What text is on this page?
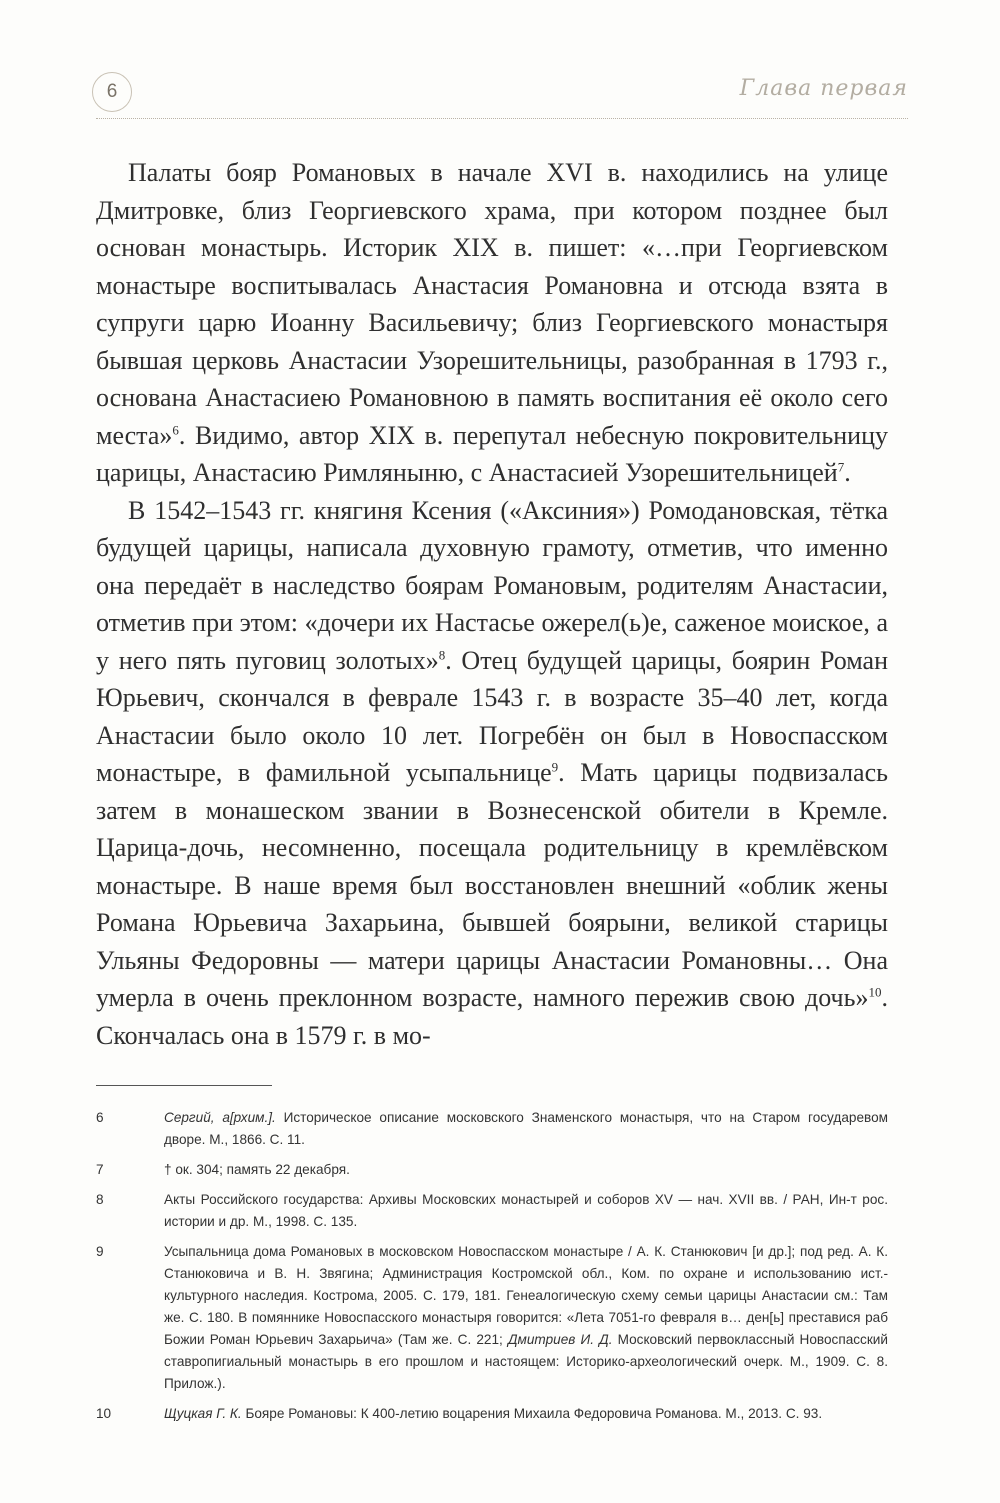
6	Глава первая

Палаты бояр Романовых в начале XVI в. находились на улице Дмитровке, близ Георгиевского храма, при котором позднее был основан монастырь. Историк XIX в. пишет: «…при Георгиевском монастыре воспитывалась Анастасия Романовна и отсюда взята в супруги царю Иоанну Васильевичу; близ Георгиевского монастыря бывшая церковь Анастасии Узорешительницы, разобранная в 1793 г., основана Анастасиею Романовною в память воспитания её около сего места»$^6$. Видимо, автор XIX в. перепутал небесную покровительницу царицы, Анастасию Римляныню, с Анастасией Узорешительницей$^7$.

В 1542–1543 гг. княгиня Ксения («Аксиния») Ромодановская, тётка будущей царицы, написала духовную грамоту, отметив, что именно она передаёт в наследство боярам Романовым, родителям Анастасии, отметив при этом: «дочери их Настасье ожерел(ь)е, саженое моиское, а у него пять пуговиц золотых»$^8$. Отец будущей царицы, боярин Роман Юрьевич, скончался в феврале 1543 г. в возрасте 35–40 лет, когда Анастасии было около 10 лет. Погребён он был в Новоспасском монастыре, в фамильной усыпальнице$^9$. Мать царицы подвизалась затем в монашеском звании в Вознесенской обители в Кремле. Царица-дочь, несомненно, посещала родительницу в кремлёвском монастыре. В наше время был восстановлен внешний «облик жены Романа Юрьевича Захарьина, бывшей боярыни, великой старицы Ульяны Федоровны — матери царицы Анастасии Романовны… Она умерла в очень преклонном возрасте, намного пережив свою дочь»$^{10}$. Скончалась она в 1579 г. в мо-

6	Сергий, а[рхим.]. Историческое описание московского Знаменского монастыря, что на Старом государевом дворе. М., 1866. С. 11.
7	† ок. 304; память 22 декабря.
8	Акты Российского государства: Архивы Московских монастырей и соборов XV — нач. XVII вв. / РАН, Ин-т рос. истории и др. М., 1998. С. 135.
9	Усыпальница дома Романовых в московском Новоспасском монастыре / А. К. Станюкович [и др.]; под ред. А. К. Станюковича и В. Н. Звягина; Администрация Костромской обл., Ком. по охране и использованию ист.-культурного наследия. Кострома, 2005. С. 179, 181. Генеалогическую схему семьи царицы Анастасии см.: Там же. С. 180. В помяннике Новоспасского монастыря говорится: «Лета 7051-го февраля в… ден[ь] преставися раб Божии Роман Юрьевич Захарьича» (Там же. С. 221; Дмитриев И. Д. Московский первоклассный Новоспасский ставропигиальный монастырь в его прошлом и настоящем: Историко-археологический очерк. М., 1909. С. 8. Прилож.).
10	Щуцкая Г. К. Бояре Романовы: К 400-летию воцарения Михаила Федоровича Романова. М., 2013. С. 93.
